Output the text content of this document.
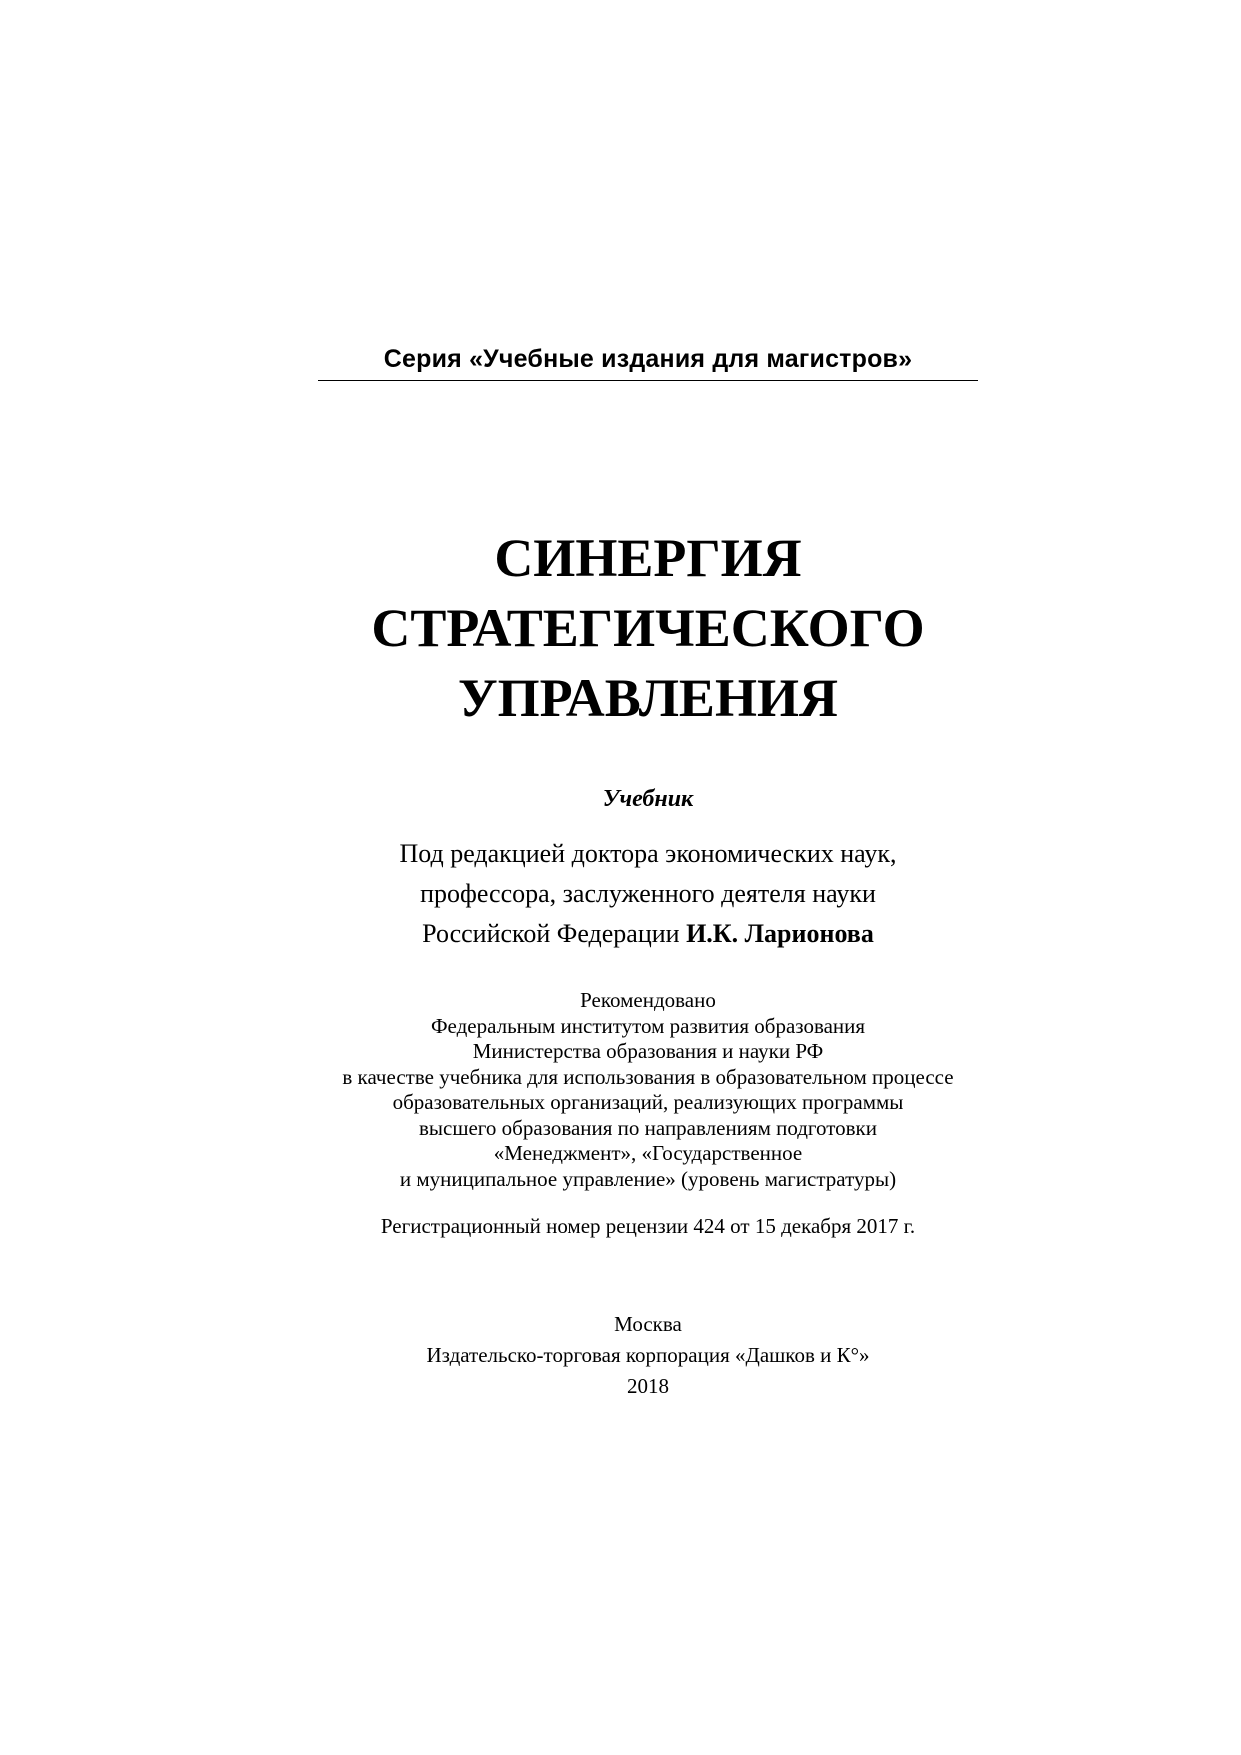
Серия «Учебные издания для магистров»
СИНЕРГИЯ
СТРАТЕГИЧЕСКОГО
УПРАВЛЕНИЯ
Учебник
Под редакцией доктора экономических наук,
профессора, заслуженного деятеля науки
Российской Федерации И.К. Ларионова
Рекомендовано
Федеральным институтом развития образования
Министерства образования и науки РФ
в качестве учебника для использования в образовательном процессе
образовательных организаций, реализующих программы
высшего образования по направлениям подготовки
«Менеджмент», «Государственное
и муниципальное управление» (уровень магистратуры)
Регистрационный номер рецензии 424 от 15 декабря 2017 г.
Москва
Издательско-торговая корпорация «Дашков и К°»
2018
